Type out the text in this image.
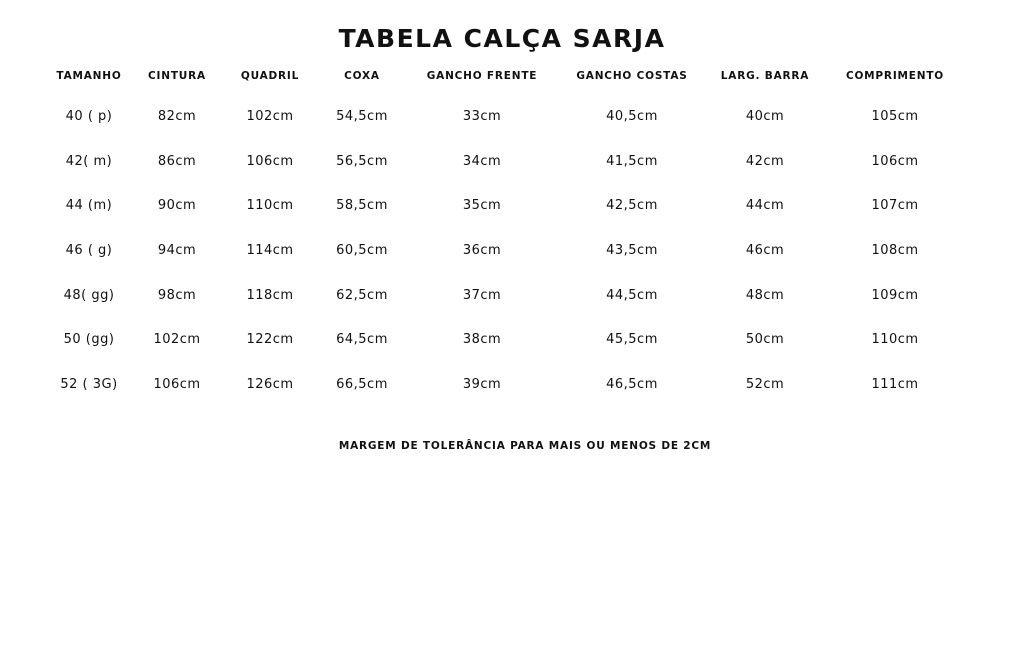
TABELA CALÇA SARJA
TAMANHO	CINTURA	QUADRIL	COXA	GANCHO FRENTE	GANCHO COSTAS	LARG. BARRA	COMPRIMENTO
40 ( p)	82cm	102cm	54,5cm	33cm	40,5cm	40cm	105cm
42( m)	86cm	106cm	56,5cm	34cm	41,5cm	42cm	106cm
44 (m)	90cm	110cm	58,5cm	35cm	42,5cm	44cm	107cm
46 ( g)	94cm	114cm	60,5cm	36cm	43,5cm	46cm	108cm
48( gg)	98cm	118cm	62,5cm	37cm	44,5cm	48cm	109cm
50 (gg)	102cm	122cm	64,5cm	38cm	45,5cm	50cm	110cm
52 ( 3G)	106cm	126cm	66,5cm	39cm	46,5cm	52cm	111cm
MARGEM DE TOLERÂNCIA PARA MAIS OU MENOS DE 2CM
